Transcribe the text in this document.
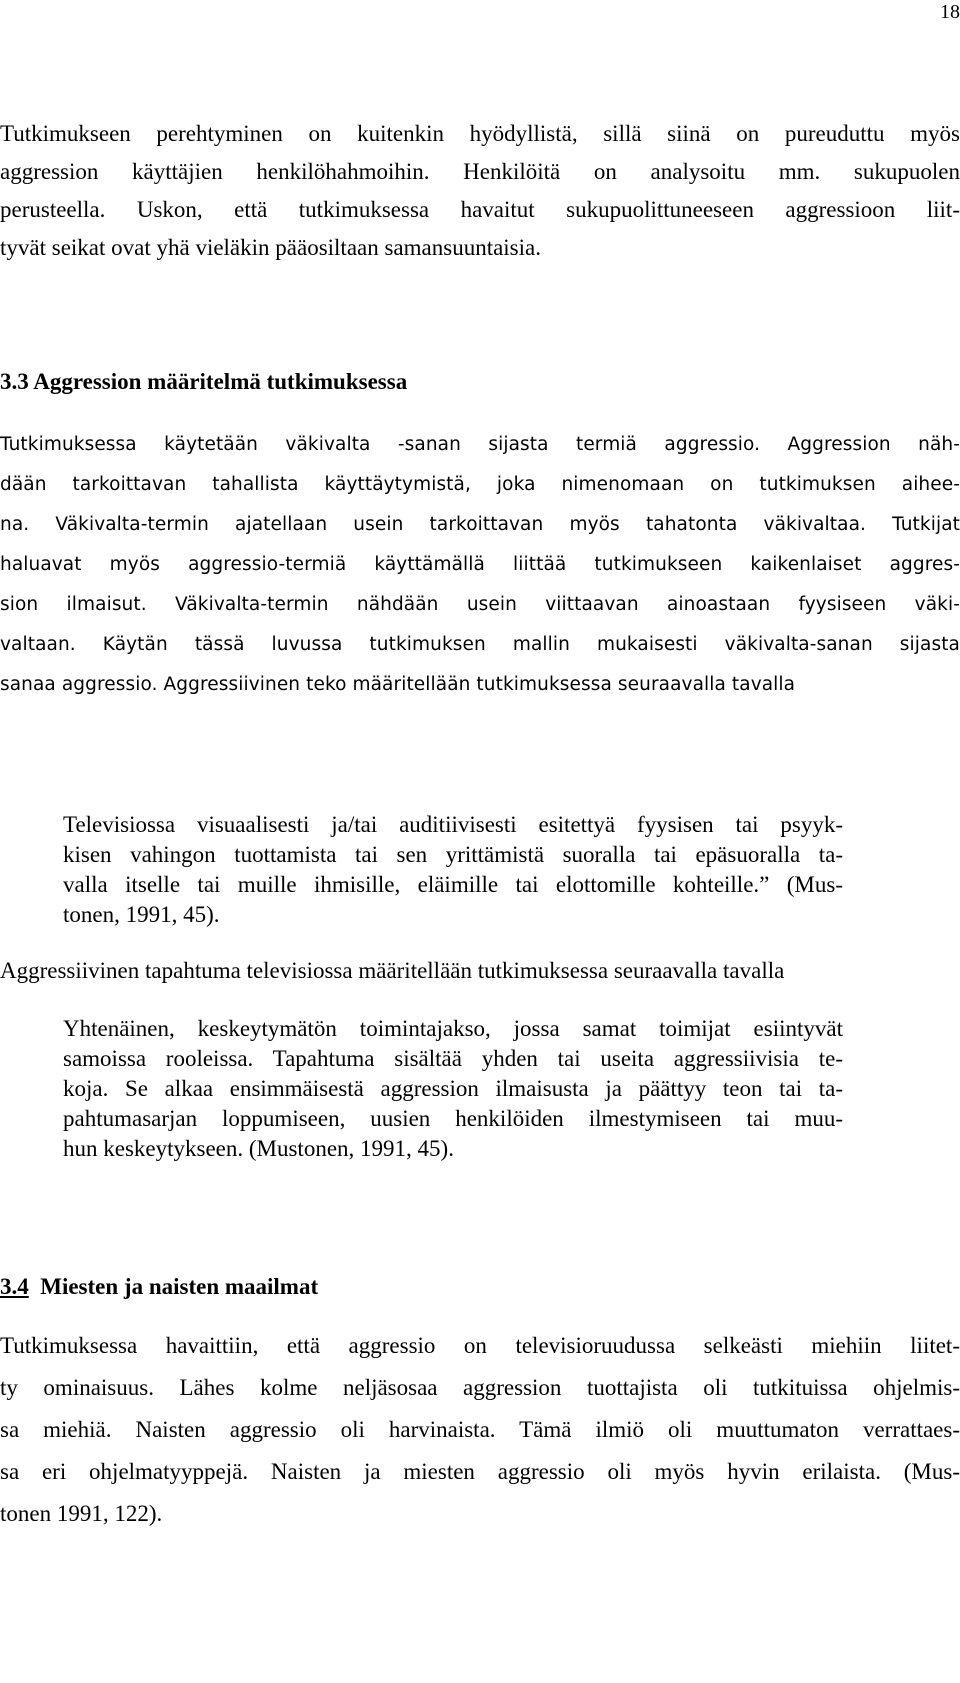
18
Tutkimukseen perehtyminen on kuitenkin hyödyllistä, sillä siinä on pureuduttu myös
aggression käyttäjien henkilöhahmoihin. Henkilöitä on analysoitu mm. sukupuolen
perusteella. Uskon, että tutkimuksessa havaitut sukupuolittuneeseen aggressioon liit-
tyvät seikat ovat yhä vieläkin pääosiltaan samansuuntaisia.
3.3 Aggression määritelmä tutkimuksessa
Tutkimuksessa käytetään väkivalta -sanan sijasta termiä aggressio. Aggression näh-
dään tarkoittavan tahallista käyttäytymistä, joka nimenomaan on tutkimuksen aihee-
na. Väkivalta-termin ajatellaan usein tarkoittavan myös tahatonta väkivaltaa. Tutkijat
haluavat myös aggressio-termiä käyttämällä liittää tutkimukseen kaikenlaiset aggres-
sion ilmaisut. Väkivalta-termin nähdään usein viittaavan ainoastaan fyysiseen väki-
valtaan. Käytän tässä luvussa tutkimuksen mallin mukaisesti väkivalta-sanan sijasta
sanaa aggressio. Aggressiivinen teko määritellään tutkimuksessa seuraavalla tavalla
Televisiossa visuaalisesti ja/tai auditiivisesti esitettyä fyysisen tai psyyk-
kisen vahingon tuottamista tai sen yrittämistä suoralla tai epäsuoralla ta-
valla itselle tai muille ihmisille, eläimille tai elottomille kohteille.” (Mus-
tonen, 1991, 45).
Aggressiivinen tapahtuma televisiossa määritellään tutkimuksessa seuraavalla tavalla
Yhtenäinen, keskeytymätön toimintajakso, jossa samat toimijat esiintyvät
samoissa rooleissa. Tapahtuma sisältää yhden tai useita aggressiivisia te-
koja. Se alkaa ensimmäisestä aggression ilmaisusta ja päättyy teon tai ta-
pahtumasarjan loppumiseen, uusien henkilöiden ilmestymiseen tai muu-
hun keskeytykseen. (Mustonen, 1991, 45).
3.4 Miesten ja naisten maailmat
Tutkimuksessa havaittiin, että aggressio on televisioruudussa selkeästi miehiin liitet-
ty ominaisuus. Lähes kolme neljäsosaa aggression tuottajista oli tutkituissa ohjelmis-
sa miehiä. Naisten aggressio oli harvinaista. Tämä ilmiö oli muuttumaton verrattaes-
sa eri ohjelmatyyppejä. Naisten ja miesten aggressio oli myös hyvin erilaista. (Mus-
tonen 1991, 122).
